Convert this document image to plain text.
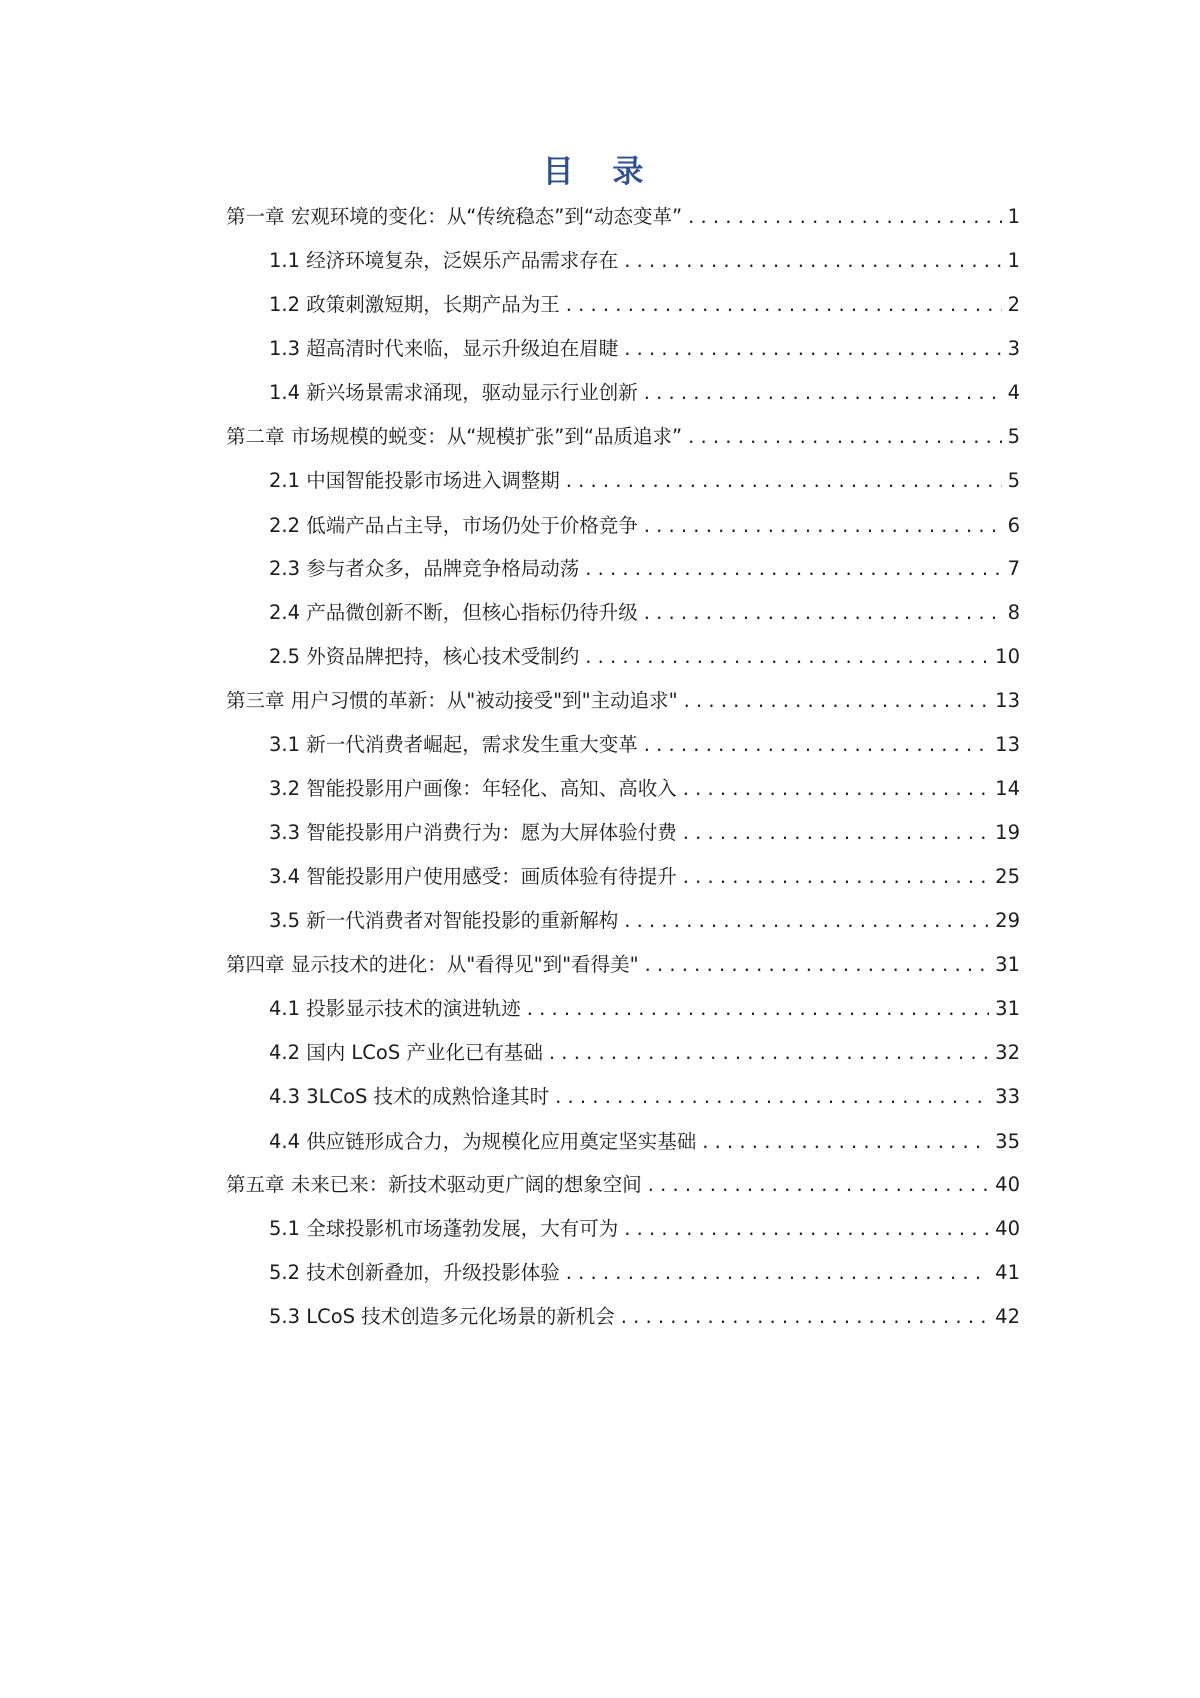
目 录
第一章 宏观环境的变化：从“传统稳态”到“动态变革” . . .	1
1.1 经济环境复杂，泛娱乐产品需求存在 . . .	1
1.2 政策刺激短期，长期产品为王 . . .	2
1.3 超高清时代来临，显示升级迫在眉睫 . . .	3
1.4 新兴场景需求涌现，驱动显示行业创新 . . .	4
第二章 市场规模的蜕变：从“规模扩张”到“品质追求” . . .	5
2.1 中国智能投影市场进入调整期 . . .	5
2.2 低端产品占主导，市场仍处于价格竞争 . . .	6
2.3 参与者众多，品牌竞争格局动荡 . . .	7
2.4 产品微创新不断，但核心指标仍待升级 . . .	8
2.5 外资品牌把持，核心技术受制约 . . .	10
第三章 用户习惯的革新：从"被动接受"到"主动追求" . . .	13
3.1 新一代消费者崛起，需求发生重大变革 . . .	13
3.2 智能投影用户画像：年轻化、高知、高收入 . . .	14
3.3 智能投影用户消费行为：愿为大屏体验付费 . . .	19
3.4 智能投影用户使用感受：画质体验有待提升 . . .	25
3.5 新一代消费者对智能投影的重新解构 . . .	29
第四章 显示技术的进化：从"看得见"到"看得美" . . .	31
4.1 投影显示技术的演进轨迹 . . .	31
4.2 国内 LCoS 产业化已有基础 . . .	32
4.3 3LCoS 技术的成熟恰逢其时 . . .	33
4.4 供应链形成合力，为规模化应用奠定坚实基础 . . .	35
第五章 未来已来：新技术驱动更广阔的想象空间 . . .	40
5.1 全球投影机市场蓬勃发展，大有可为 . . .	40
5.2 技术创新叠加，升级投影体验 . . .	41
5.3 LCoS 技术创造多元化场景的新机会 . . .	42
